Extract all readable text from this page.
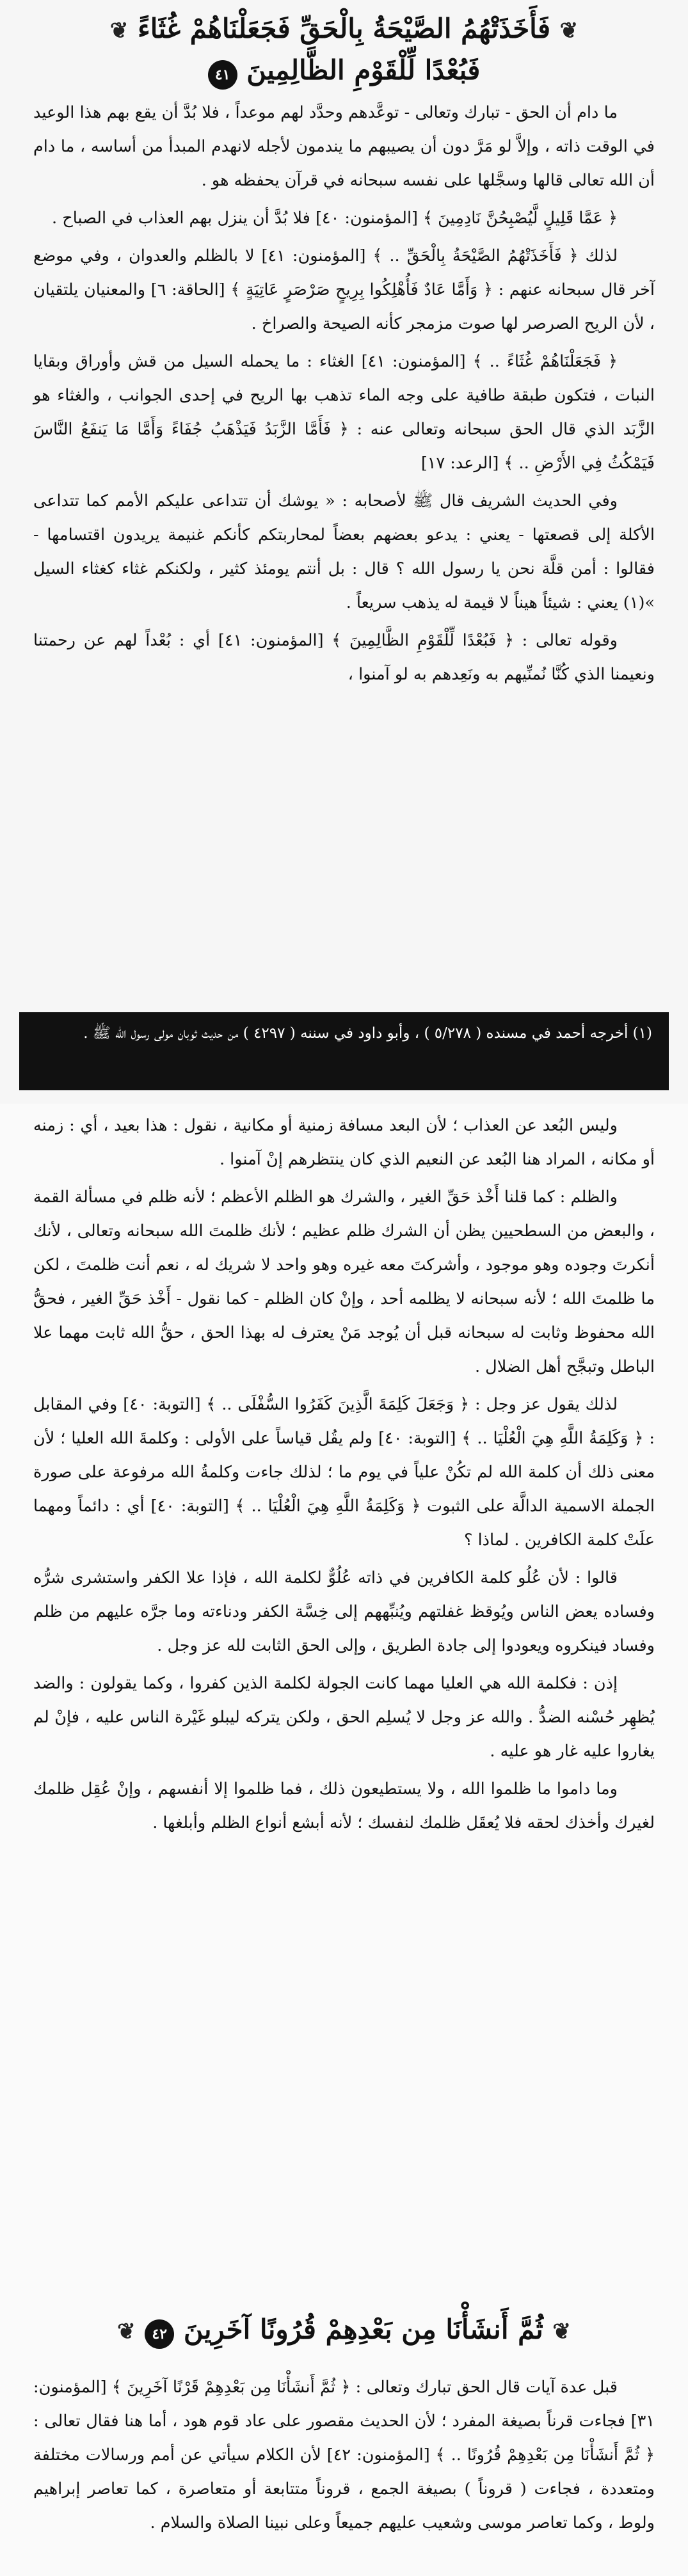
❦ فَأَخَذَتْهُمُ الصَّيْحَةُ بِالْحَقِّ فَجَعَلْنَاهُمْ غُثَاءً ❦
فَبُعْدًا لِّلْقَوْمِ الظَّالِمِينَ ٤١

ما دام أن الحق - تبارك وتعالى - توعَّدهم وحدَّد لهم موعداً ، فلا بُدَّ أن يقع بهم هذا الوعيد في الوقت ذاته ، وإلاَّ لو مَرَّ دون أن يصيبهم ما يندمون لأجله لانهدم المبدأ من أساسه ، ما دام أن الله تعالى قالها وسجَّلها على نفسه سبحانه في قرآن يحفظه هو .

﴿ عَمَّا قَلِيلٍ لَّيُصْبِحُنَّ نَادِمِينَ ﴾ [المؤمنون: ٤٠] فلا بُدَّ أن ينزل بهم العذاب في الصباح .

لذلك ﴿ فَأَخَذَتْهُمُ الصَّيْحَةُ بِالْحَقِّ .. ﴾ [المؤمنون: ٤١] لا بالظلم والعدوان ، وفي موضع آخر قال سبحانه عنهم : ﴿ وَأَمَّا عَادٌ فَأُهْلِكُوا بِرِيحٍ صَرْصَرٍ عَاتِيَةٍ ﴾ [الحاقة: ٦] والمعنيان يلتقيان ، لأن الريح الصرصر لها صوت مزمجر كأنه الصيحة والصراخ .

﴿ فَجَعَلْنَاهُمْ غُثَاءً .. ﴾ [المؤمنون: ٤١] الغثاء : ما يحمله السيل من قش وأوراق وبقايا النبات ، فتكون طبقة طافية على وجه الماء تذهب بها الريح في إحدى الجوانب ، والغثاء هو الزَّبَد الذي قال الحق سبحانه وتعالى عنه : ﴿ فَأَمَّا الزَّبَدُ فَيَذْهَبُ جُفَاءً وَأَمَّا مَا يَنفَعُ النَّاسَ فَيَمْكُثُ فِي الأَرْضِ .. ﴾ [الرعد: ١٧]

وفي الحديث الشريف قال ﷺ لأصحابه : « يوشك أن تتداعى عليكم الأمم كما تتداعى الأكلة إلى قصعتها - يعني : يدعو بعضهم بعضاً لمحاربتكم كأنكم غنيمة يريدون اقتسامها - فقالوا : أمن قلَّة نحن يا رسول الله ؟ قال : بل أنتم يومئذ كثير ، ولكنكم غثاء كغثاء السيل »(١) يعني : شيئاً هيناً لا قيمة له يذهب سريعاً .

وقوله تعالى : ﴿ فَبُعْدًا لِّلْقَوْمِ الظَّالِمِينَ ﴾ [المؤمنون: ٤١] أي : بُعْداً لهم عن رحمتنا ونعيمنا الذي كُنَّا نُمنِّيهم به ونَعِدهم به لو آمنوا ،

(١) أخرجه أحمد في مسنده ( ٥/٢٧٨ ) ، وأبو داود في سننه ( ٤٢٩٧ ) من حديث ثوبان مولى رسول الله ﷺ .

وليس البُعد عن العذاب ؛ لأن البعد مسافة زمنية أو مكانية ، نقول : هذا بعيد ، أي : زمنه أو مكانه ، المراد هنا البُعد عن النعيم الذي كان ينتظرهم إنْ آمنوا .

والظلم : كما قلنا أَخْذ حَقِّ الغير ، والشرك هو الظلم الأعظم ؛ لأنه ظلم في مسألة القمة ، والبعض من السطحيين يظن أن الشرك ظلم عظيم ؛ لأنك ظلمتَ الله سبحانه وتعالى ، لأنك أنكرتَ وجوده وهو موجود ، وأشركتَ معه غيره وهو واحد لا شريك له ، نعم أنت ظلمتَ ، لكن ما ظلمتَ الله ؛ لأنه سبحانه لا يظلمه أحد ، وإنْ كان الظلم - كما نقول - أَخْذ حَقِّ الغير ، فحقُّ الله محفوظ وثابت له سبحانه قبل أن يُوجد مَنْ يعترف له بهذا الحق ، حقُّ الله ثابت مهما علا الباطل وتبجَّح أهل الضلال .

لذلك يقول عز وجل : ﴿ وَجَعَلَ كَلِمَةَ الَّذِينَ كَفَرُوا السُّفْلَى .. ﴾ [التوبة: ٤٠] وفي المقابل : ﴿ وَكَلِمَةُ اللَّهِ هِيَ الْعُلْيَا .. ﴾ [التوبة: ٤٠] ولم يقُل قياساً على الأولى : وكلمةَ الله العليا ؛ لأن معنى ذلك أن كلمة الله لم تكُنْ علياً في يوم ما ؛ لذلك جاءت وكلمةُ الله مرفوعة على صورة الجملة الاسمية الدالَّة على الثبوت ﴿ وَكَلِمَةُ اللَّهِ هِيَ الْعُلْيَا .. ﴾ [التوبة: ٤٠] أي : دائماً ومهما علَتْ كلمة الكافرين . لماذا ؟

قالوا : لأن عُلُو كلمة الكافرين في ذاته عُلُوٌّ لكلمة الله ، فإذا علا الكفر واستشرى شرُّه وفساده يعض الناس ويُوقظ غفلتهم ويُنبِّههم إلى خِسَّة الكفر ودناءته وما جرَّه عليهم من ظلم وفساد فينكروه ويعودوا إلى جادة الطريق ، وإلى الحق الثابت لله عز وجل .

إذن : فكلمة الله هي العليا مهما كانت الجولة لكلمة الذين كفروا ، وكما يقولون : والضد يُظهِر حُسْنه الضدُّ . والله عز وجل لا يُسلِم الحق ، ولكن يتركه ليبلو غَيْرة الناس عليه ، فإنْ لم يغاروا عليه غار هو عليه .

وما داموا ما ظلموا الله ، ولا يستطيعون ذلك ، فما ظلموا إلا أنفسهم ، وإنْ عُقِل ظلمك لغيرك وأخذك لحقه فلا يُعقَل ظلمك لنفسك ؛ لأنه أبشع أنواع الظلم وأبلغها .

❦ ثُمَّ أَنشَأْنَا مِن بَعْدِهِمْ قُرُونًا آخَرِينَ ٤٢ ❦

قبل عدة آيات قال الحق تبارك وتعالى : ﴿ ثُمَّ أَنشَأْنَا مِن بَعْدِهِمْ قَرْنًا آخَرِينَ ﴾ [المؤمنون: ٣١] فجاءت قرناً بصيغة المفرد ؛ لأن الحديث مقصور على عاد قوم هود ، أما هنا فقال تعالى : ﴿ ثُمَّ أَنشَأْنَا مِن بَعْدِهِمْ قُرُونًا .. ﴾ [المؤمنون: ٤٢] لأن الكلام سيأتي عن أمم ورسالات مختلفة ومتعددة ، فجاءت ( قروناً ) بصيغة الجمع ، قروناً متتابعة أو متعاصرة ، كما تعاصر إبراهيم ولوط ، وكما تعاصر موسى وشعيب عليهم جميعاً وعلى نبينا الصلاة والسلام .
